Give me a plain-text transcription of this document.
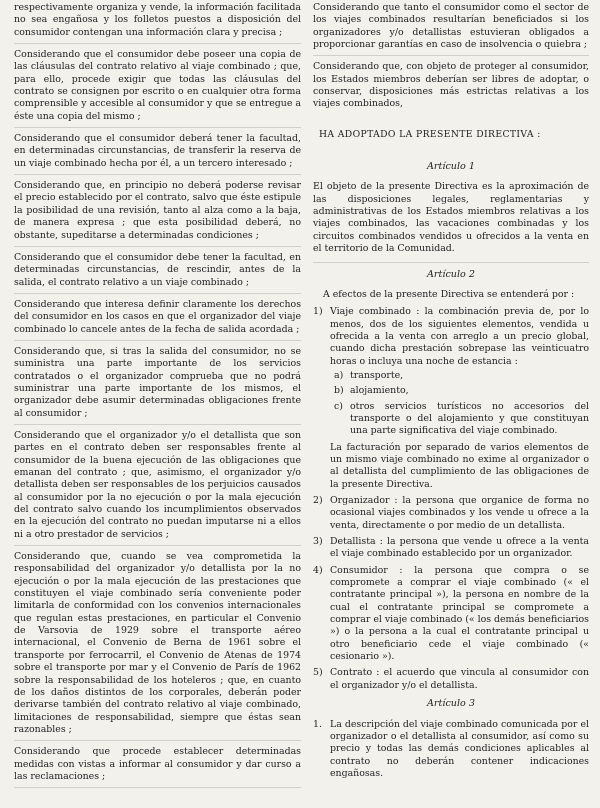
respectivamente organiza y vende, la información facilitada no sea engañosa y los folletos puestos a disposición del consumidor contengan una información clara y precisa ;

Considerando que el consumidor debe poseer una copia de las cláusulas del contrato relativo al viaje combinado ; que, para ello, procede exigir que todas las cláusulas del contrato se consignen por escrito o en cualquier otra forma comprensible y accesible al consumidor y que se entregue a éste una copia del mismo ;

Considerando que el consumidor deberá tener la facultad, en determinadas circunstancias, de transferir la reserva de un viaje combinado hecha por él, a un tercero interesado ;

Considerando que, en principio no deberá poderse revisar el precio establecido por el contrato, salvo que éste estipule la posibilidad de una revisión, tanto al alza como a la baja, de manera expresa ; que esta posibilidad deberá, no obstante, supeditarse a determinadas condiciones ;

Considerando que el consumidor debe tener la facultad, en determinadas circunstancias, de rescindir, antes de la salida, el contrato relativo a un viaje combinado ;

Considerando que interesa definir claramente los derechos del consumidor en los casos en que el organizador del viaje combinado lo cancele antes de la fecha de salida acordada ;

Considerando que, si tras la salida del consumidor, no se suministra una parte importante de los servicios contratados o el organizador comprueba que no podrá suministrar una parte importante de los mismos, el organizador debe asumir determinadas obligaciones frente al consumidor ;

Considerando que el organizador y/o el detallista que son partes en el contrato deben ser responsables frente al consumidor de la buena ejecución de las obligaciones que emanan del contrato ; que, asimismo, el organizador y/o detallista deben ser responsables de los perjuicios causados al consumidor por la no ejecución o por la mala ejecución del contrato salvo cuando los incumplimientos observados en la ejecución del contrato no puedan imputarse ni a ellos ni a otro prestador de servicios ;

Considerando que, cuando se vea comprometida la responsabilidad del organizador y/o detallista por la no ejecución o por la mala ejecución de las prestaciones que constituyen el viaje combinado sería conveniente poder limitarla de conformidad con los convenios internacionales que regulan estas prestaciones, en particular el Convenio de Varsovia de 1929 sobre el transporte aéreo internacional, el Convenio de Berna de 1961 sobre el transporte por ferrocarril, el Convenio de Atenas de 1974 sobre el transporte por mar y el Convenio de París de 1962 sobre la responsabilidad de los hoteleros ; que, en cuanto de los daños distintos de los corporales, deberán poder derivarse también del contrato relativo al viaje combinado, limitaciones de responsabilidad, siempre que éstas sean razonables ;

Considerando que procede establecer determinadas medidas con vistas a informar al consumidor y dar curso a las reclamaciones ;

Considerando que tanto el consumidor como el sector de los viajes combinados resultarían beneficiados si los organizadores y/o detallistas estuvieran obligados a proporcionar garantías en caso de insolvencia o quiebra ;

Considerando que, con objeto de proteger al consumidor, los Estados miembros deberían ser libres de adoptar, o conservar, disposiciones más estrictas relativas a los viajes combinados,

HA ADOPTADO LA PRESENTE DIRECTIVA :
Artículo 1

El objeto de la presente Directiva es la aproximación de las disposiciones legales, reglamentarias y administrativas de los Estados miembros relativas a los viajes combinados, las vacaciones combinadas y los circuitos combinados vendidos u ofrecidos a la venta en el territorio de la Comunidad.

Artículo 2

A efectos de la presente Directiva se entenderá por :

1) Viaje combinado : la combinación previa de, por lo menos, dos de los siguientes elementos, vendida u ofrecida a la venta con arreglo a un precio global, cuando dicha prestación sobrepase las veinticuatro horas o incluya una noche de estancia :
a) transporte,
b) alojamiento,
c) otros servicios turísticos no accesorios del transporte o del alojamiento y que constituyan una parte significativa del viaje combinado.

La facturación por separado de varios elementos de un mismo viaje combinado no exime al organizador o al detallista del cumplimiento de las obligaciones de la presente Directiva.

2) Organizador : la persona que organice de forma no ocasional viajes combinados y los vende u ofrece a la venta, directamente o por medio de un detallista.
3) Detallista : la persona que vende u ofrece a la venta el viaje combinado establecido por un organizador.
4) Consumidor : la persona que compra o se compromete a comprar el viaje combinado (« el contratante principal »), la persona en nombre de la cual el contratante principal se compromete a comprar el viaje combinado (« los demás beneficiarios ») o la persona a la cual el contratante principal u otro beneficiario cede el viaje combinado (« cesionario »).
5) Contrato : el acuerdo que vincula al consumidor con el organizador y/o el detallista.
Artículo 3
1. La descripción del viaje combinado comunicada por el organizador o el detallista al consumidor, así como su precio y todas las demás condiciones aplicables al contrato no deberán contener indicaciones engañosas.
